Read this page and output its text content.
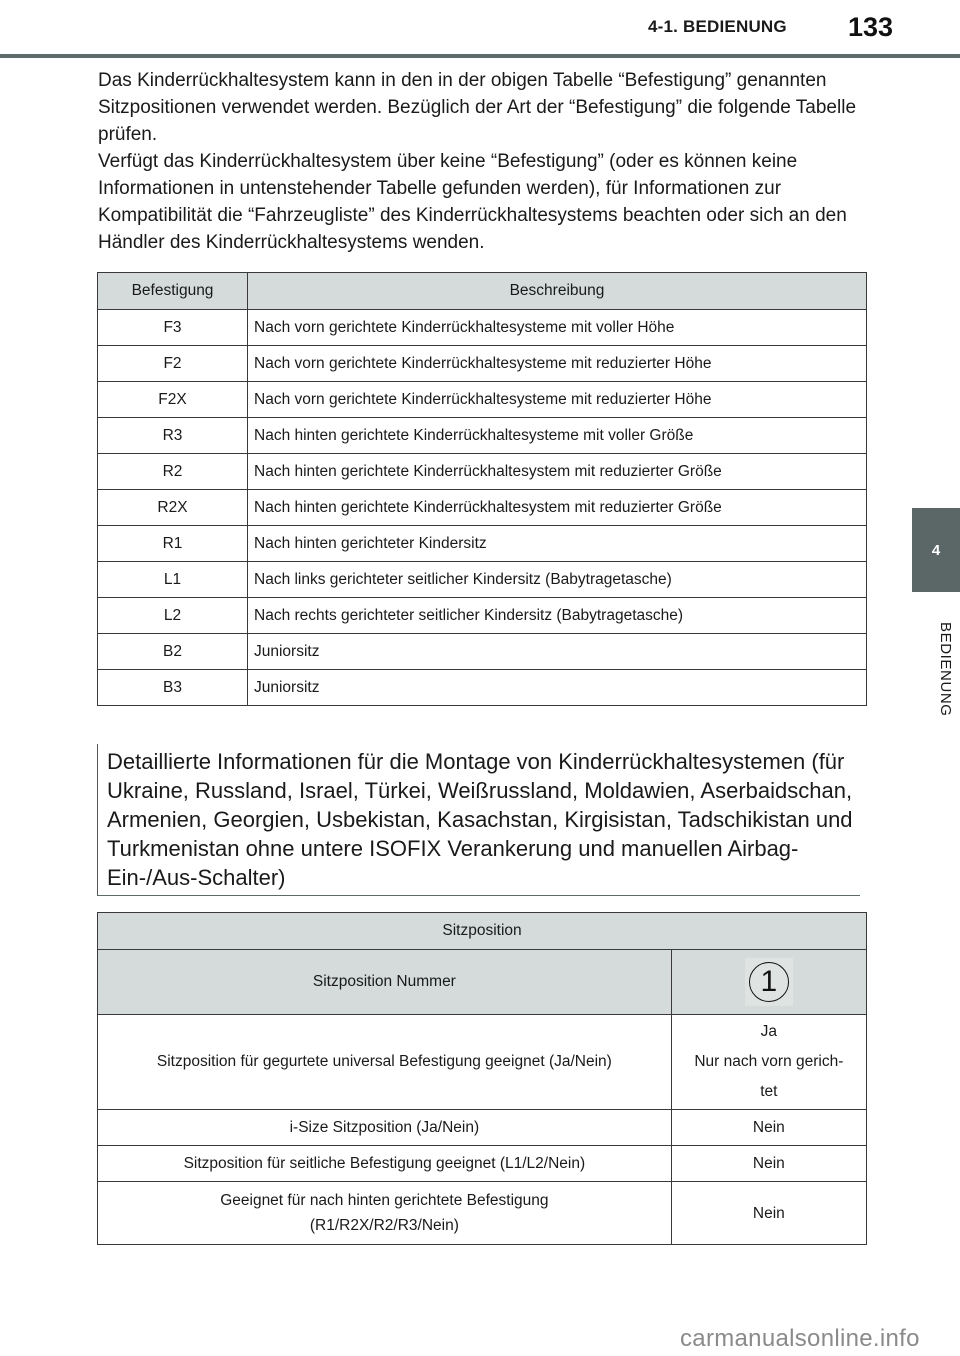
4-1. BEDIENUNG 133
4
BEDIENUNG

Das Kinderrückhaltesystem kann in den in der obigen Tabelle “Befestigung” genannten Sitzpositionen verwendet werden. Bezüglich der Art der “Befestigung” die folgende Tabelle prüfen.

Verfügt das Kinderrückhaltesystem über keine “Befestigung” (oder es können keine Informationen in untenstehender Tabelle gefunden werden), für Informationen zur Kompatibilität die “Fahrzeugliste” des Kinderrückhaltesystems beachten oder sich an den Händler des Kinderrückhaltesystems wenden.

Befestigung	Beschreibung
F3	Nach vorn gerichtete Kinderrückhaltesysteme mit voller Höhe
F2	Nach vorn gerichtete Kinderrückhaltesysteme mit reduzierter Höhe
F2X	Nach vorn gerichtete Kinderrückhaltesysteme mit reduzierter Höhe
R3	Nach hinten gerichtete Kinderrückhaltesysteme mit voller Größe
R2	Nach hinten gerichtete Kinderrückhaltesystem mit reduzierter Größe
R2X	Nach hinten gerichtete Kinderrückhaltesystem mit reduzierter Größe
R1	Nach hinten gerichteter Kindersitz
L1	Nach links gerichteter seitlicher Kindersitz (Babytragetasche)
L2	Nach rechts gerichteter seitlicher Kindersitz (Babytragetasche)
B2	Juniorsitz
B3	Juniorsitz
Detaillierte Informationen für die Montage von Kinderrückhaltesystemen (für Ukraine, Russland, Israel, Türkei, Weißrussland, Moldawien, Aserbaidschan, Armenien, Georgien, Usbekistan, Kasachstan, Kirgisistan, Tadschikistan und Turkmenistan ohne untere ISOFIX Verankerung und manuellen Airbag-Ein-/Aus-Schalter)
Sitzposition	
Sitzposition Nummer	1

Sitzposition für gegurtete universal Befestigung geeignet (Ja/Nein)	Ja
Nur nach vorn gerich-
tet

i-Size Sitzposition (Ja/Nein)	Nein
Sitzposition für seitliche Befestigung geeignet (L1/L2/Nein)	Nein

Geeignet für nach hinten gerichtete Befestigung
(R1/R2X/R2/R3/Nein)	Nein
carmanualsonline.info
